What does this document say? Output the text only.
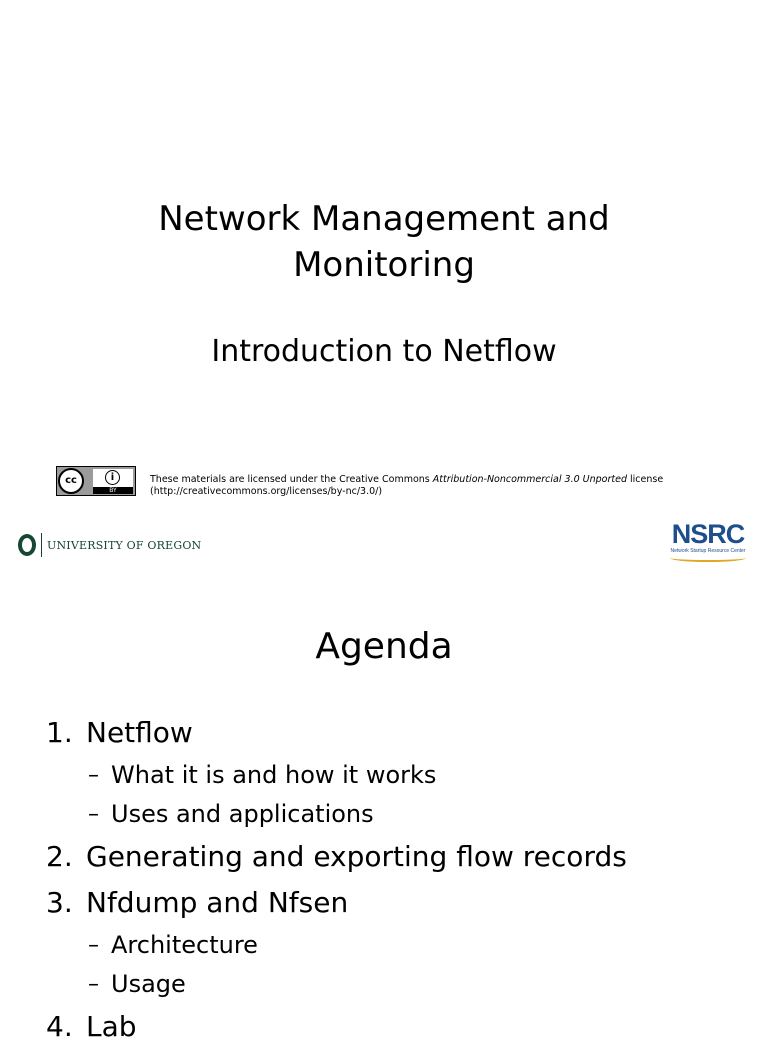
Network Management and
Monitoring

Introduction to Netflow

cc	i
BY

These materials are licensed under the Creative Commons Attribution-Noncommercial 3.0 Unported license
(http://creativecommons.org/licenses/by-nc/3.0/)

UNIVERSITY OF OREGON	NSRC
Network Startup Resource Center
Agenda
1. Netflow
– What it is and how it works
– Uses and applications
2. Generating and exporting flow records
3. Nfdump and Nfsen
– Architecture
– Usage
4. Lab
